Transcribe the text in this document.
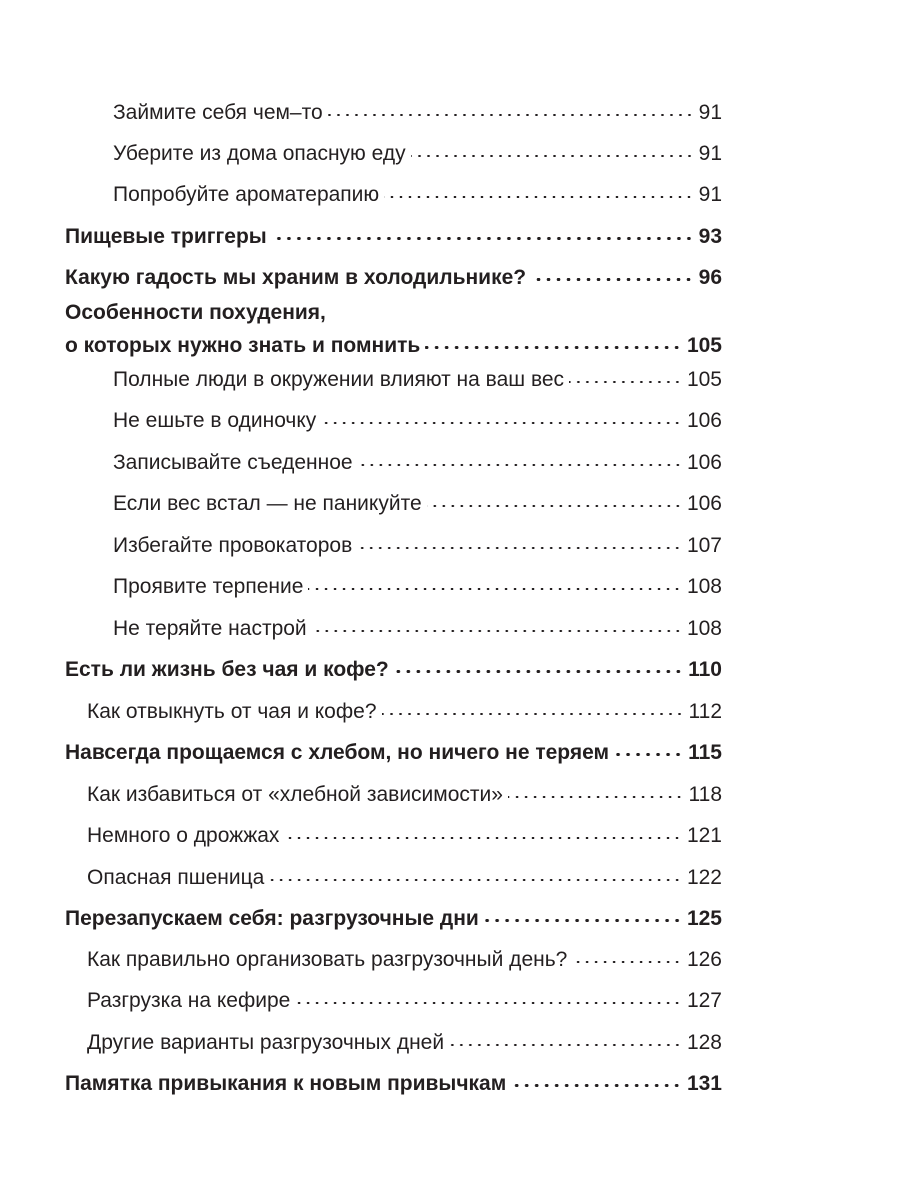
Займите себя чем–то	91
Уберите из дома опасную еду	91
Попробуйте ароматерапию	91
Пищевые триггеры	93
Какую гадость мы храним в холодильнике?	96
Особенности похудения,
о которых нужно знать и помнить	105
Полные люди в окружении влияют на ваш вес	105
Не ешьте в одиночку	106
Записывайте съеденное	106
Если вес встал — не паникуйте	106
Избегайте провокаторов	107
Проявите терпение	108
Не теряйте настрой	108
Есть ли жизнь без чая и кофе?	110
Как отвыкнуть от чая и кофе?	112
Навсегда прощаемся с хлебом, но ничего не теряем	115
Как избавиться от «хлебной зависимости»	118
Немного о дрожжах	121
Опасная пшеница	122
Перезапускаем себя: разгрузочные дни	125
Как правильно организовать разгрузочный день?	126
Разгрузка на кефире	127
Другие варианты разгрузочных дней	128
Памятка привыкания к новым привычкам	131
